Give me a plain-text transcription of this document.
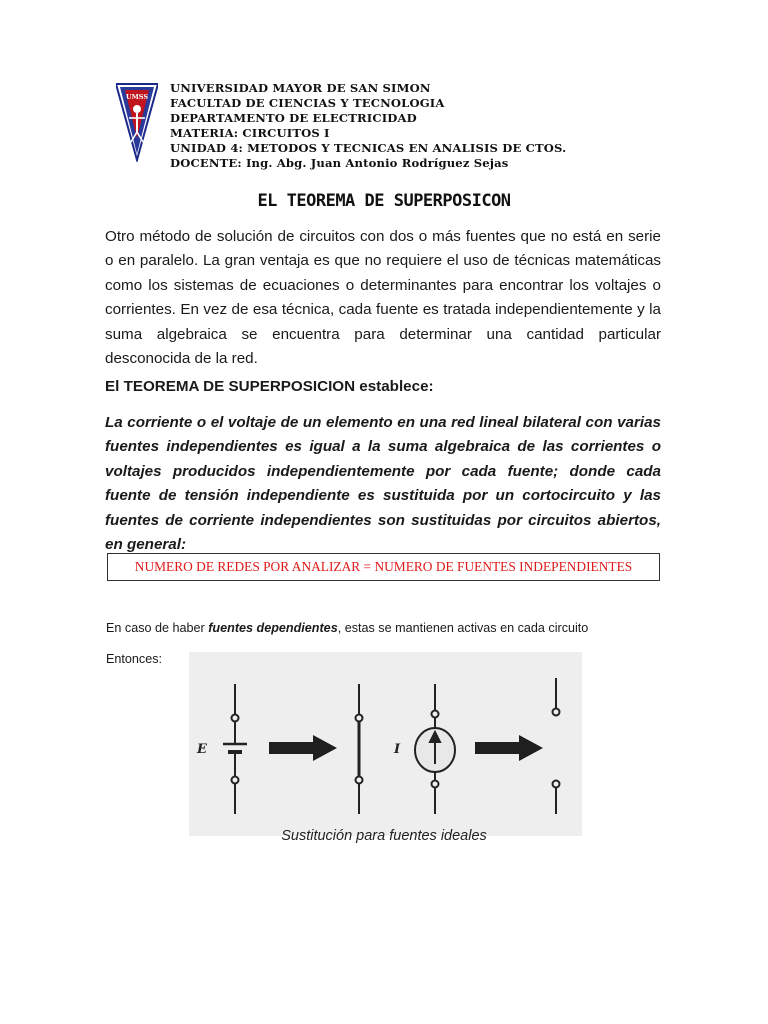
UMSS
UNIVERSIDAD MAYOR DE SAN SIMON
FACULTAD DE CIENCIAS Y TECNOLOGIA
DEPARTAMENTO DE ELECTRICIDAD
MATERIA: CIRCUITOS I
UNIDAD 4: METODOS Y TECNICAS EN ANALISIS DE CTOS.
DOCENTE: Ing. Abg. Juan Antonio Rodríguez Sejas
EL TEOREMA DE SUPERPOSICON
Otro método de solución de circuitos con dos o más fuentes que no está en serie o en paralelo. La gran ventaja es que no requiere el uso de técnicas matemáticas como los sistemas de ecuaciones o determinantes para encontrar los voltajes o corrientes. En vez de esa técnica, cada fuente es tratada independientemente y la suma algebraica se encuentra para determinar una cantidad particular desconocida de la red.
El TEOREMA DE SUPERPOSICION establece:
La corriente o el voltaje de un elemento en una red lineal bilateral con varias fuentes independientes es igual a la suma algebraica de las corrientes o voltajes producidos independientemente por cada fuente; donde cada fuente de tensión independiente es sustituida por un cortocircuito y las fuentes de corriente independientes son sustituidas por circuitos abiertos, en general:
NUMERO DE REDES POR ANALIZAR = NUMERO DE FUENTES INDEPENDIENTES
En caso de haber fuentes dependientes, estas se mantienen activas en cada circuito
Entonces:
E	I
Sustitución para fuentes ideales
